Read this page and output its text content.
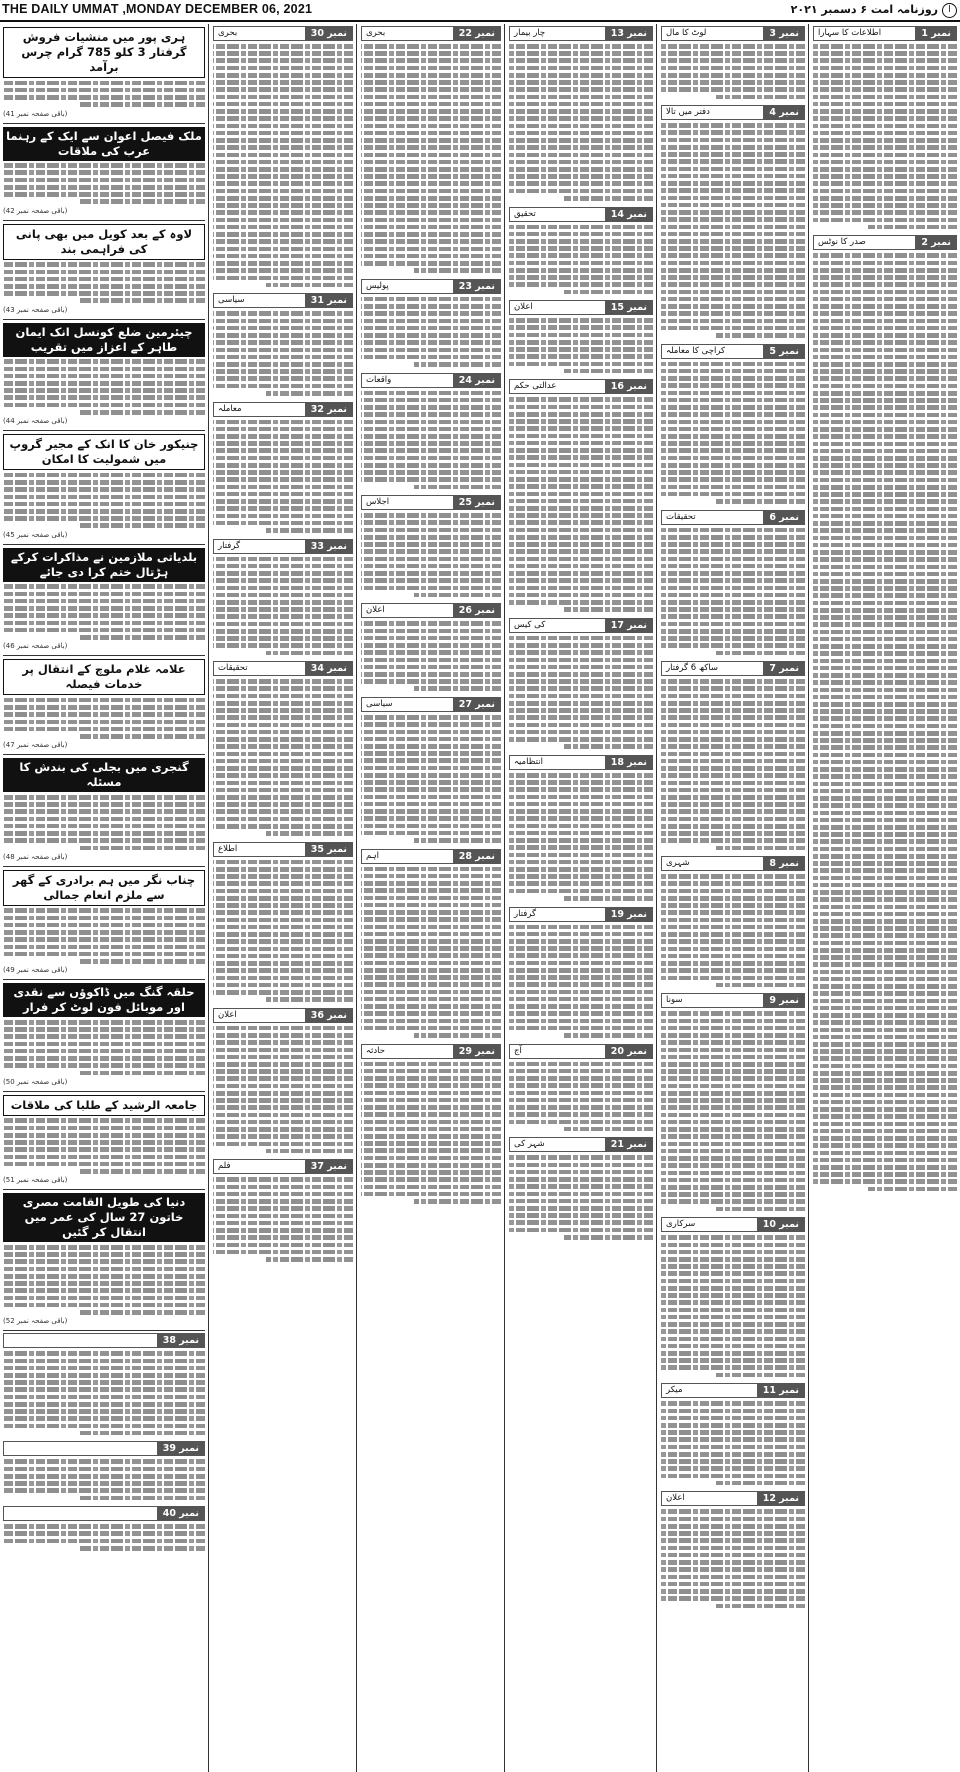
THE DAILY UMMAT ,MONDAY DECEMBER 06, 2021	روزنامہ امت ۶ دسمبر ۲۰۲۱	ا
نمبر 1
اطلاعات کا سہارا
نمبر 2
صدر کا نوٹس
نمبر 3
لوٹ کا مال
نمبر 4
دفتر میں تالا
نمبر 5
کراچی کا معاملہ
نمبر 6
تحقیقات
نمبر 7
ساکھ 6 گرفتار
نمبر 8
شہری
نمبر 9
سونا
نمبر 10
سرکاری
نمبر 11
میکر
نمبر 12
اعلان
نمبر 13
چار بیمار
نمبر 14
تحقیق
نمبر 15
اعلان
نمبر 16
عدالتی حکم
نمبر 17
کی کیس
نمبر 18
انتظامیہ
نمبر 19
گرفتار
نمبر 20
آج
نمبر 21
شہر کی
نمبر 22
بحری
نمبر 23
پولیس
نمبر 24
واقعات
نمبر 25
اجلاس
نمبر 26
اعلان
نمبر 27
سیاسی
نمبر 28
اہم
نمبر 29
حادثہ
نمبر 30
بحری
نمبر 31
سیاسی
نمبر 32
معاملہ
نمبر 33
گرفتار
نمبر 34
تحقیقات
نمبر 35
اطلاع
نمبر 36
اعلان
نمبر 37
فلم
ہری پور میں منشیات فروش گرفتار 3 کلو 785 گرام چرس برآمد
(باقی صفحہ نمبر 41)
ملک فیصل اعوان سے ایک کے رہنما عرب کی ملاقات
(باقی صفحہ نمبر 42)
لاوہ کے بعد کویل میں بھی پانی کی فراہمی بند
(باقی صفحہ نمبر 43)
چیئرمین ضلع کونسل انک ایمان طاہر کے اعزاز میں تقریب
(باقی صفحہ نمبر 44)
چنیکور خان کا انک کے مجیر گروپ میں شمولیت کا امکان
(باقی صفحہ نمبر 45)
بلدیاتی ملازمین نے مذاکرات کرکے ہڑتال ختم کرا دی جائے
(باقی صفحہ نمبر 46)
علامہ غلام ملوچ کے انتقال پر خدمات فیصلہ
(باقی صفحہ نمبر 47)
گنجری میں بجلی کی بندش کا مسئلہ
(باقی صفحہ نمبر 48)
چناب نگر میں ہم برادری کے گھر سے ملزم انعام جمالی
(باقی صفحہ نمبر 49)
حلقہ گنگ میں ڈاکوؤں سے نقدی اور موبائل فون لوٹ کر فرار
(باقی صفحہ نمبر 50)
جامعہ الرشید کے طلبا کی ملاقات
(باقی صفحہ نمبر 51)
دنیا کی طویل القامت مصری خاتون 27 سال کی عمر میں انتقال کر گئیں
(باقی صفحہ نمبر 52)
نمبر 38
نمبر 39
نمبر 40
